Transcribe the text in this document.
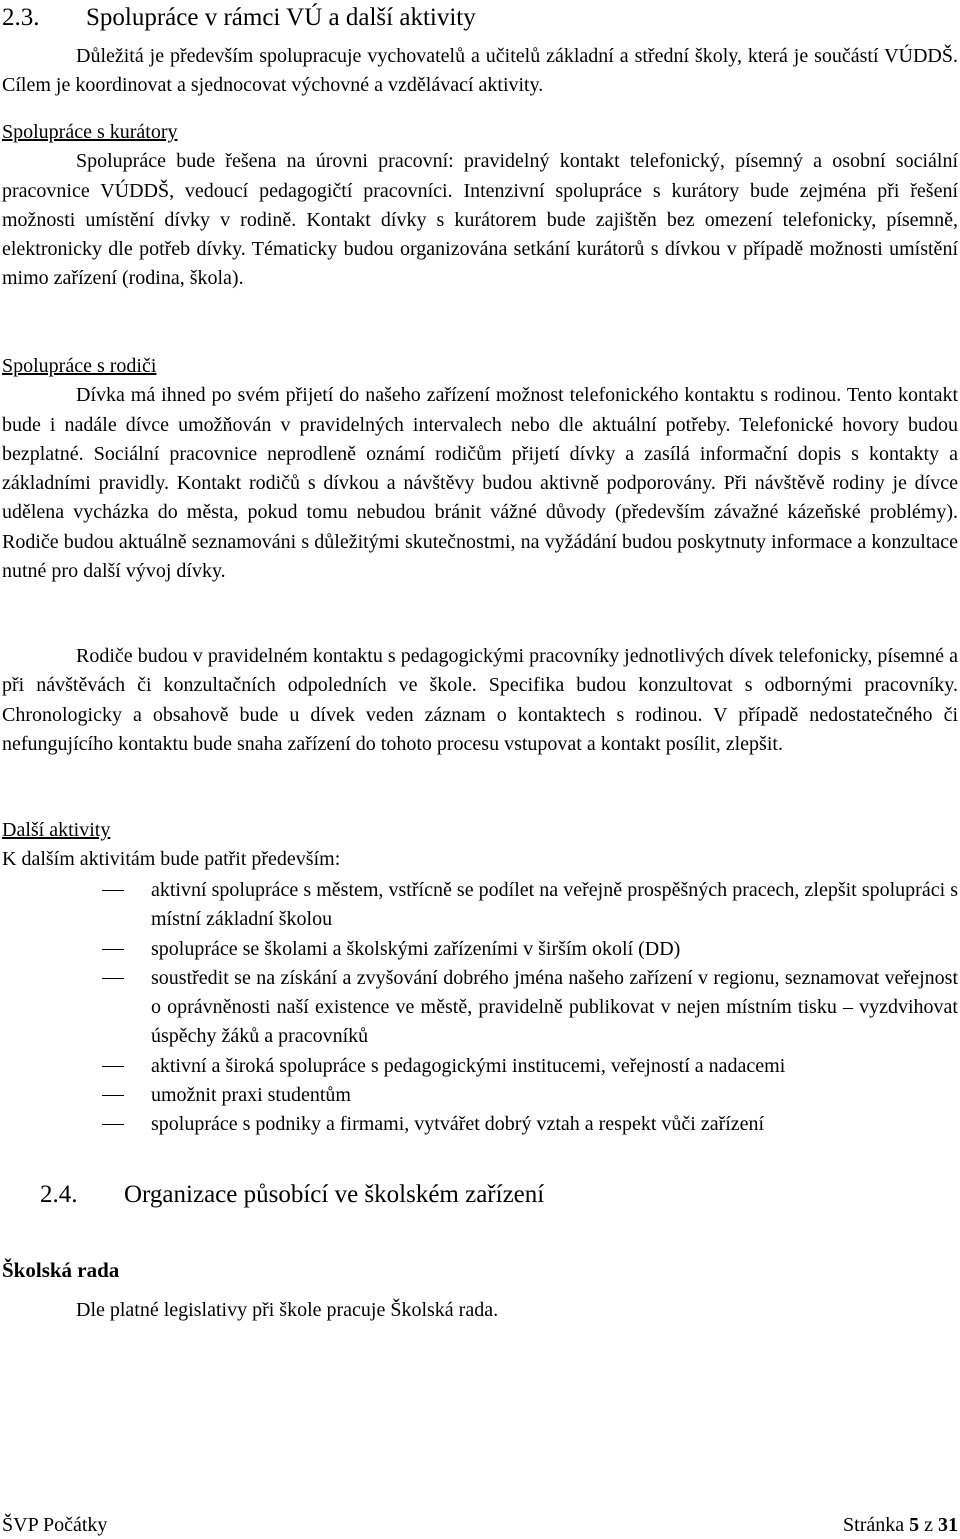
2.3. Spolupráce v rámci VÚ a další aktivity
Důležitá je především spolupracuje vychovatelů a učitelů základní a střední školy, která je součástí VÚDDŠ. Cílem je koordinovat a sjednocovat výchovné a vzdělávací aktivity.
Spolupráce s kurátory
Spolupráce bude řešena na úrovni pracovní: pravidelný kontakt telefonický, písemný a osobní sociální pracovnice VÚDDŠ, vedoucí pedagogičtí pracovníci. Intenzivní spolupráce s kurátory bude zejména při řešení možnosti umístění dívky v rodině. Kontakt dívky s kurátorem bude zajištěn bez omezení telefonicky, písemně, elektronicky dle potřeb dívky. Tématicky budou organizována setkání kurátorů s dívkou v případě možnosti umístění mimo zařízení (rodina, škola).
Spolupráce s rodiči
Dívka má ihned po svém přijetí do našeho zařízení možnost telefonického kontaktu s rodinou. Tento kontakt bude i nadále dívce umožňován v pravidelných intervalech nebo dle aktuální potřeby. Telefonické hovory budou bezplatné. Sociální pracovnice neprodleně oznámí rodičům přijetí dívky a zasílá informační dopis s kontakty a základními pravidly. Kontakt rodičů s dívkou a návštěvy budou aktivně podporovány. Při návštěvě rodiny je dívce udělena vycházka do města, pokud tomu nebudou bránit vážné důvody (především závažné kázeňské problémy). Rodiče budou aktuálně seznamováni s důležitými skutečnostmi, na vyžádání budou poskytnuty informace a konzultace nutné pro další vývoj dívky.
Rodiče budou v pravidelném kontaktu s pedagogickými pracovníky jednotlivých dívek telefonicky, písemné a při návštěvách či konzultačních odpoledních ve škole. Specifika budou konzultovat s odbornými pracovníky. Chronologicky a obsahově bude u dívek veden záznam o kontaktech s rodinou. V případě nedostatečného či nefungujícího kontaktu bude snaha zařízení do tohoto procesu vstupovat a kontakt posílit, zlepšit.
Další aktivity
K dalším aktivitám bude patřit především:
aktivní spolupráce s městem, vstřícně se podílet na veřejně prospěšných pracech, zlepšit spolupráci s místní základní školou
spolupráce se školami a školskými zařízeními v širším okolí (DD)
soustředit se na získání a zvyšování dobrého jména našeho zařízení v regionu, seznamovat veřejnost o oprávněnosti naší existence ve městě, pravidelně publikovat v nejen místním tisku – vyzdvihovat úspěchy žáků a pracovníků
aktivní a široká spolupráce s pedagogickými institucemi, veřejností a nadacemi
umožnit praxi studentům
spolupráce s podniky a firmami, vytvářet dobrý vztah a respekt vůči zařízení
2.4. Organizace působící ve školském zařízení
Školská rada
Dle platné legislativy při škole pracuje Školská rada.
ŠVP Počátky	Stránka 5 z 31
